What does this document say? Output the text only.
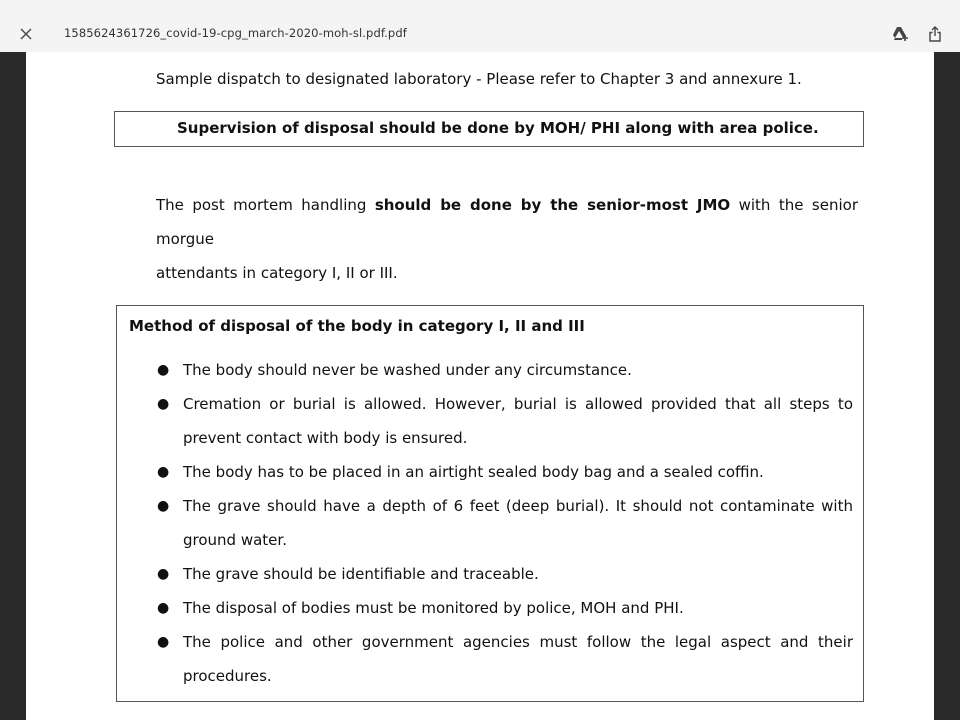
1585624361726_covid-19-cpg_march-2020-moh-sl.pdf.pdf
Sample dispatch to designated laboratory - Please refer to Chapter 3 and annexure 1.
Supervision of disposal should be done by MOH/ PHI along with area police.
The post mortem handling should be done by the senior-most JMO with the senior morgue
attendants in category I, II or III.
Method of disposal of the body in category I, II and III
● The body should never be washed under any circumstance.
● Cremation or burial is allowed. However, burial is allowed provided that all steps to prevent contact with body is ensured.
● The body has to be placed in an airtight sealed body bag and a sealed coffin.
● The grave should have a depth of 6 feet (deep burial). It should not contaminate with ground water.
● The grave should be identifiable and traceable.
● The disposal of bodies must be monitored by police, MOH and PHI.
● The police and other government agencies must follow the legal aspect and their procedures.
